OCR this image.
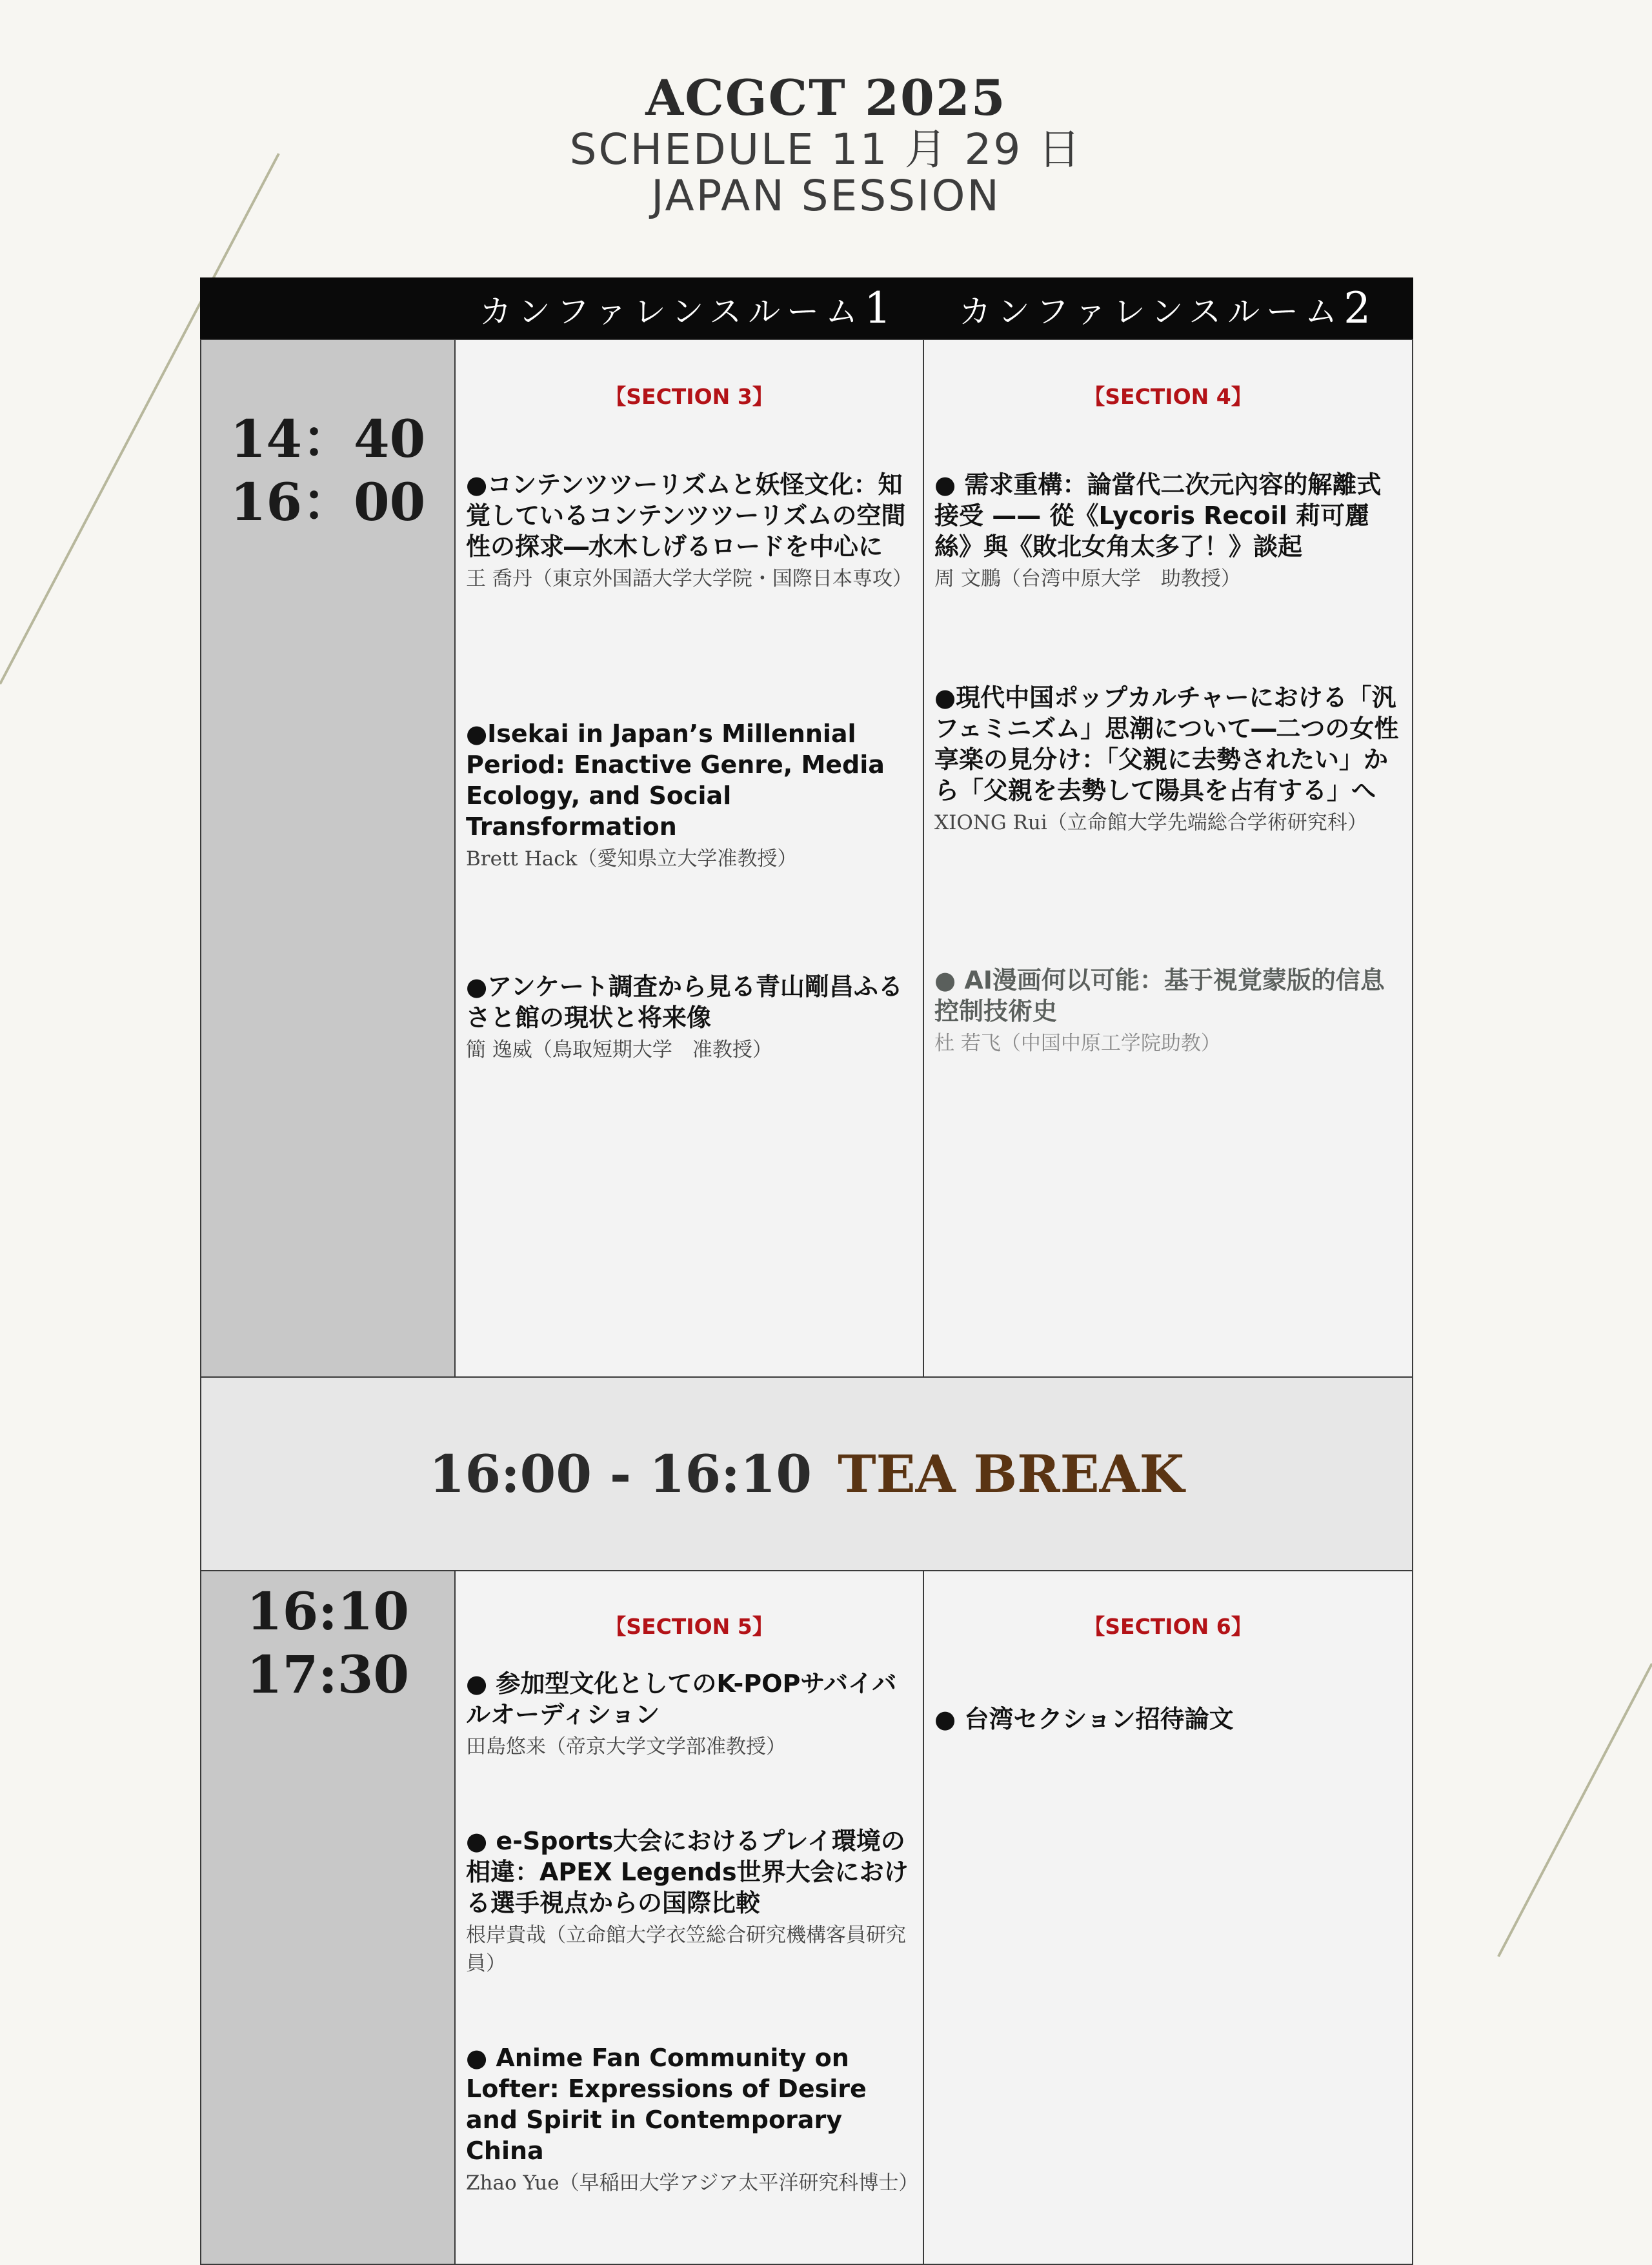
ACGCT 2025
SCHEDULE 11 月 29 日
JAPAN SESSION
カンファレンスルーム1	カンファレンスルーム2
14：40
16：00
【SECTION 3】
●コンテンツツーリズムと妖怪文化：知覚しているコンテンツツーリズムの空間性の探求―水木しげるロードを中心に
王 喬丹（東京外国語大学大学院・国際日本専攻）
●Isekai in Japan’s Millennial Period: Enactive Genre, Media Ecology, and Social Transformation
Brett Hack（愛知県立大学准教授）
●アンケート調査から見る青山剛昌ふるさと館の現状と将来像
簡 逸威（鳥取短期大学　准教授）
【SECTION 4】
● 需求重構：論當代二次元內容的解離式接受 —— 從《Lycoris Recoil 莉可麗絲》與《敗北女角太多了！》談起
周 文鵬（台湾中原大学　助教授）
●現代中国ポップカルチャーにおける「汎フェミニズム」思潮について―二つの女性享楽の見分け：「父親に去勢されたい」から「父親を去勢して陽具を占有する」へ
XIONG Rui（立命館大学先端総合学術研究科）
● AI漫画何以可能：基于視覚蒙版的信息控制技術史
杜 若飞（中国中原工学院助教）
16:00 - 16:10 TEA BREAK
16:10
17:30
【SECTION 5】
● 参加型文化としてのK-POPサバイバルオーディション
田島悠来（帝京大学文学部准教授）
● e-Sports大会におけるプレイ環境の相違：APEX Legends世界大会における選手視点からの国際比較
根岸貴哉（立命館大学衣笠総合研究機構客員研究員）
● Anime Fan Community on Lofter: Expressions of Desire and Spirit in Contemporary China
Zhao Yue（早稲田大学アジア太平洋研究科博士）
【SECTION 6】
● 台湾セクション招待論文
